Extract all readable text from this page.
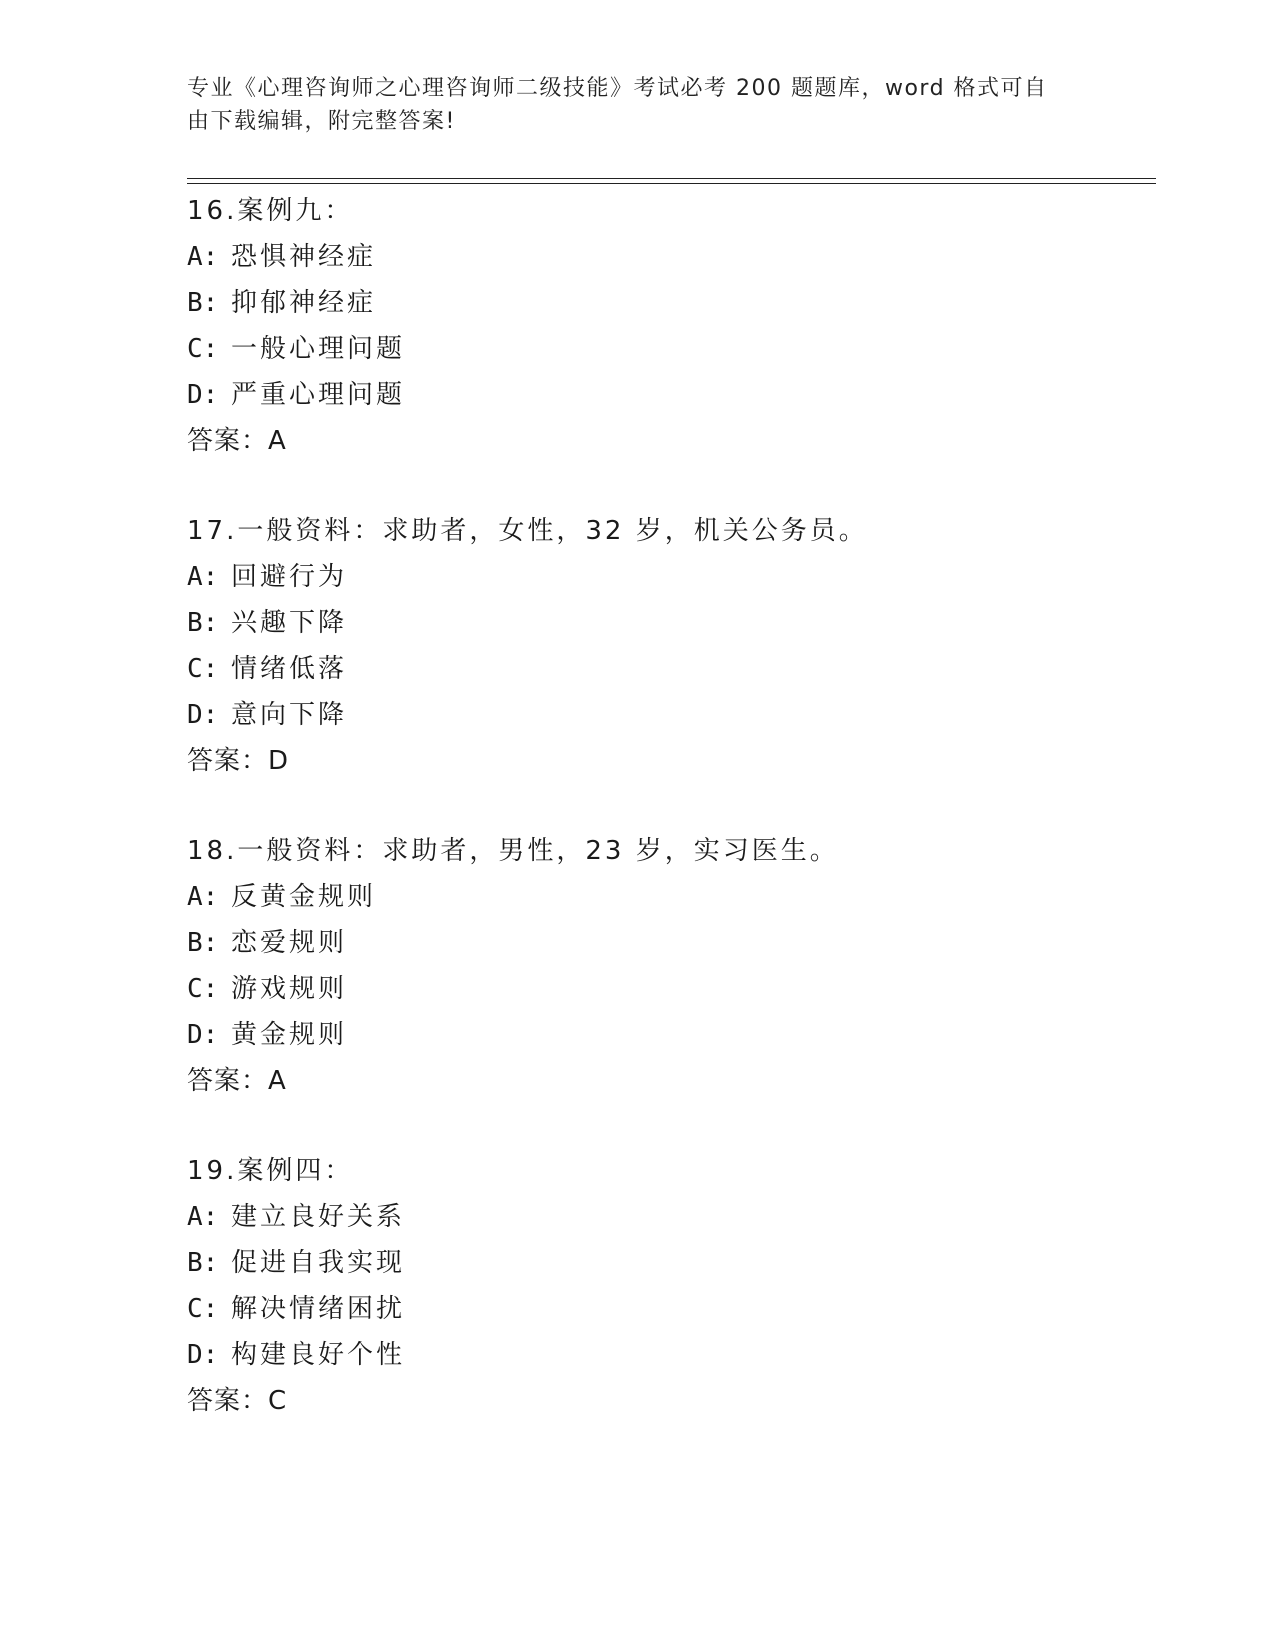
专业《心理咨询师之心理咨询师二级技能》考试必考 200 题题库，word 格式可自
由下载编辑，附完整答案!
16.案例九：
A: 恐惧神经症
B: 抑郁神经症
C: 一般心理问题
D: 严重心理问题
答案：A
17.一般资料：求助者，女性，32 岁，机关公务员。
A: 回避行为
B: 兴趣下降
C: 情绪低落
D: 意向下降
答案：D
18.一般资料：求助者，男性，23 岁，实习医生。
A: 反黄金规则
B: 恋爱规则
C: 游戏规则
D: 黄金规则
答案：A
19.案例四：
A: 建立良好关系
B: 促进自我实现
C: 解决情绪困扰
D: 构建良好个性
答案：C
